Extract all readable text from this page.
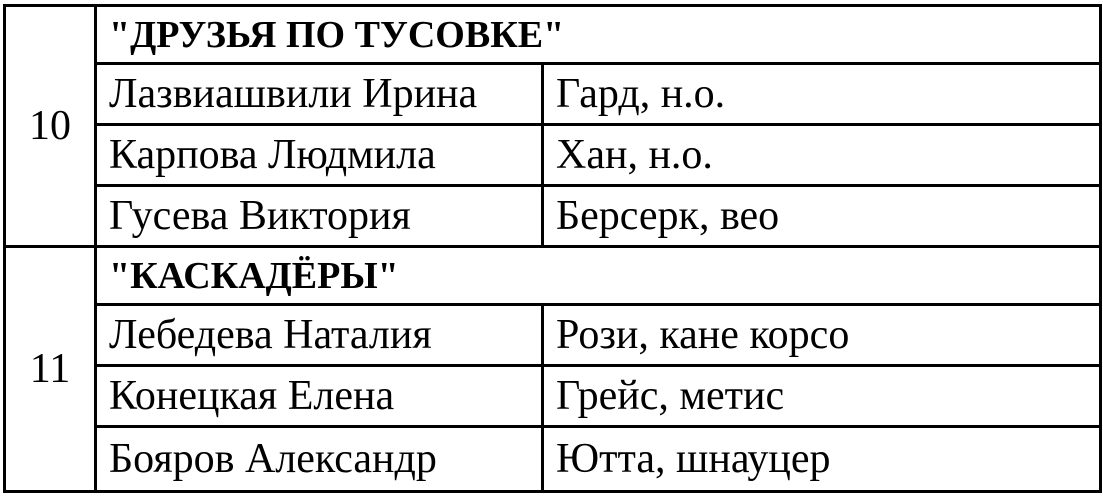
10	"ДРУЗЬЯ ПО ТУСОВКЕ"	
	Лазвиашвили Ирина	Гард, н.о.
	Карпова Людмила	Хан, н.о.
	Гусева Виктория	Берсерк, вео
11	"КАСКАДЁРЫ"	
	Лебедева Наталия	Рози, кане корсо
	Конецкая Елена	Грейс, метис
	Бояров Александр	Ютта, шнауцер
